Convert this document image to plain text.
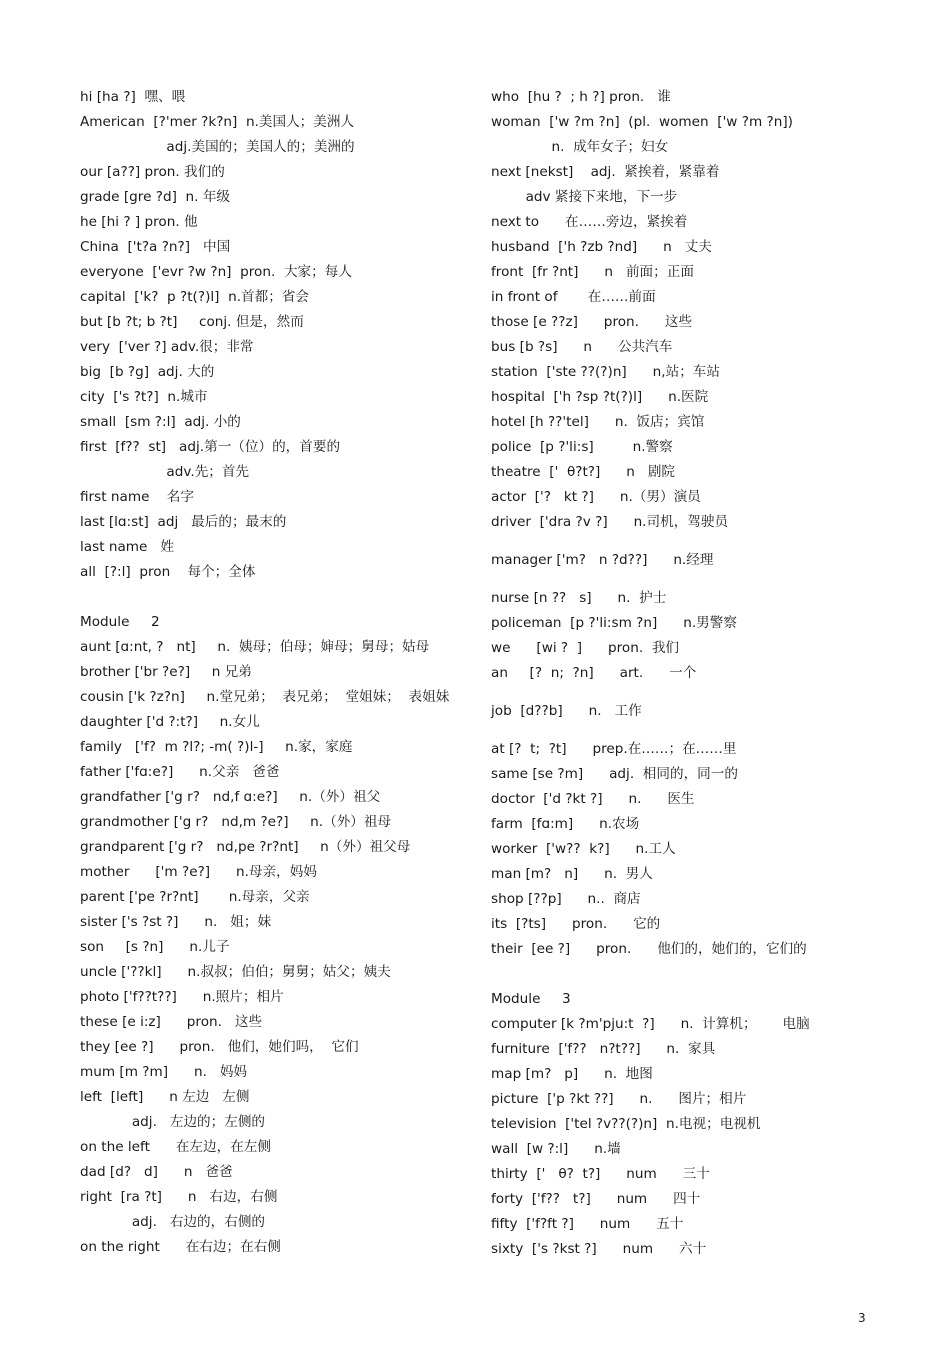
hi [ha ?]  嘿、喂
American  [?'mer ?k?n]  n.美国人；美洲人
adj.美国的；美国人的；美洲的
our [a??] pron. 我们的
grade [gre ?d]  n. 年级
he [hi ? ] pron. 他
China  ['t?a ?n?]   中国
everyone  ['evr ?w ?n]  pron.  大家；每人
capital  ['k?  p ?t(?)l]  n.首都；省会
but [b ?t; b ?t]     conj. 但是，然而
very  ['ver ?] adv.很；非常
big  [b ?g]  adj. 大的
city  ['s ?t?]  n.城市
small  [sm ?:l]  adj. 小的
first  [f??  st]   adj.第一（位）的，首要的
adv.先；首先
first name    名字
last [lɑ:st]  adj   最后的；最末的
last name   姓
all  [?:l]  pron    每个；全体
Module     2
aunt [ɑ:nt, ?   nt]     n.  姨母；伯母；婶母；舅母；姑母
brother ['br ?e?]     n 兄弟
cousin ['k ?z?n]     n.堂兄弟；  表兄弟；  堂姐妹；  表姐妹
daughter ['d ?:t?]     n.女儿
family   ['f?  m ?l?; -m( ?)l-]     n.家，家庭
father ['fɑ:e?]      n.父亲   爸爸
grandfather ['g r?   nd,f ɑ:e?]     n.（外）祖父
grandmother ['g r?   nd,m ?e?]     n.（外）祖母
grandparent ['g r?   nd,pe ?r?nt]     n（外）祖父母
mother      ['m ?e?]      n.母亲，妈妈
parent ['pe ?r?nt]       n.母亲，父亲
sister ['s ?st ?]      n.   姐；妹
son     [s ?n]      n.儿子
uncle ['??kl]      n.叔叔；伯伯；舅舅；姑父；姨夫
photo ['f??t??]      n.照片；相片
these [e i:z]      pron.   这些
they [ee ?]      pron.   他们，她们吗，  它们
mum [m ?m]      n.   妈妈
left  [left]      n 左边   左侧
adj.   左边的；左侧的
on the left      在左边，在左侧
dad [d?   d]      n   爸爸
right  [ra ?t]      n   右边，右侧
adj.   右边的，右侧的
on the right      在右边；在右侧
who  [hu ?  ; h ?] pron.   谁
woman  ['w ?m ?n]  (pl.  women  ['w ?m ?n])
n.  成年女子；妇女
next [nekst]    adj.  紧挨着，紧靠着
adv 紧接下来地，下一步
next to      在……旁边，紧挨着
husband  ['h ?zb ?nd]      n   丈夫
front  [fr ?nt]      n   前面；正面
in front of       在……前面
those [e ??z]      pron.      这些
bus [b ?s]      n      公共汽车
station  ['ste ??(?)n]      n,站；车站
hospital  ['h ?sp ?t(?)l]      n.医院
hotel [h ??'tel]      n.  饭店；宾馆
police  [p ?'li:s]         n.警察
theatre  ['  θ?t?]      n   剧院
actor  ['?   kt ?]      n.（男）演员
driver  ['dra ?v ?]      n.司机，驾驶员
manager ['m?   n ?d??]      n.经理
nurse [n ??   s]      n.  护士
policeman  [p ?'li:sm ?n]      n.男警察
we      [wi ?  ]      pron.  我们
an     [?  n;  ?n]      art.      一个
job  [d??b]      n.   工作
at [?  t;  ?t]      prep.在……；在……里
same [se ?m]      adj.  相同的，同一的
doctor  ['d ?kt ?]      n.      医生
farm  [fɑ:m]      n.农场
worker  ['w??  k?]      n.工人
man [m?   n]      n.  男人
shop [??p]      n..  商店
its  [?ts]      pron.      它的
their  [ee ?]      pron.      他们的，她们的，它们的
Module     3
computer [k ?m'pju:t  ?]      n.  计算机；      电脑
furniture  ['f??   n?t??]      n.  家具
map [m?   p]      n.  地图
picture  ['p ?kt ??]      n.      图片；相片
television  ['tel ?v??(?)n]  n.电视；电视机
wall  [w ?:l]      n.墙
thirty  ['   θ?  t?]      num      三十
forty  ['f??   t?]      num      四十
fifty  ['f?ft ?]      num      五十
sixty  ['s ?kst ?]      num      六十
3
